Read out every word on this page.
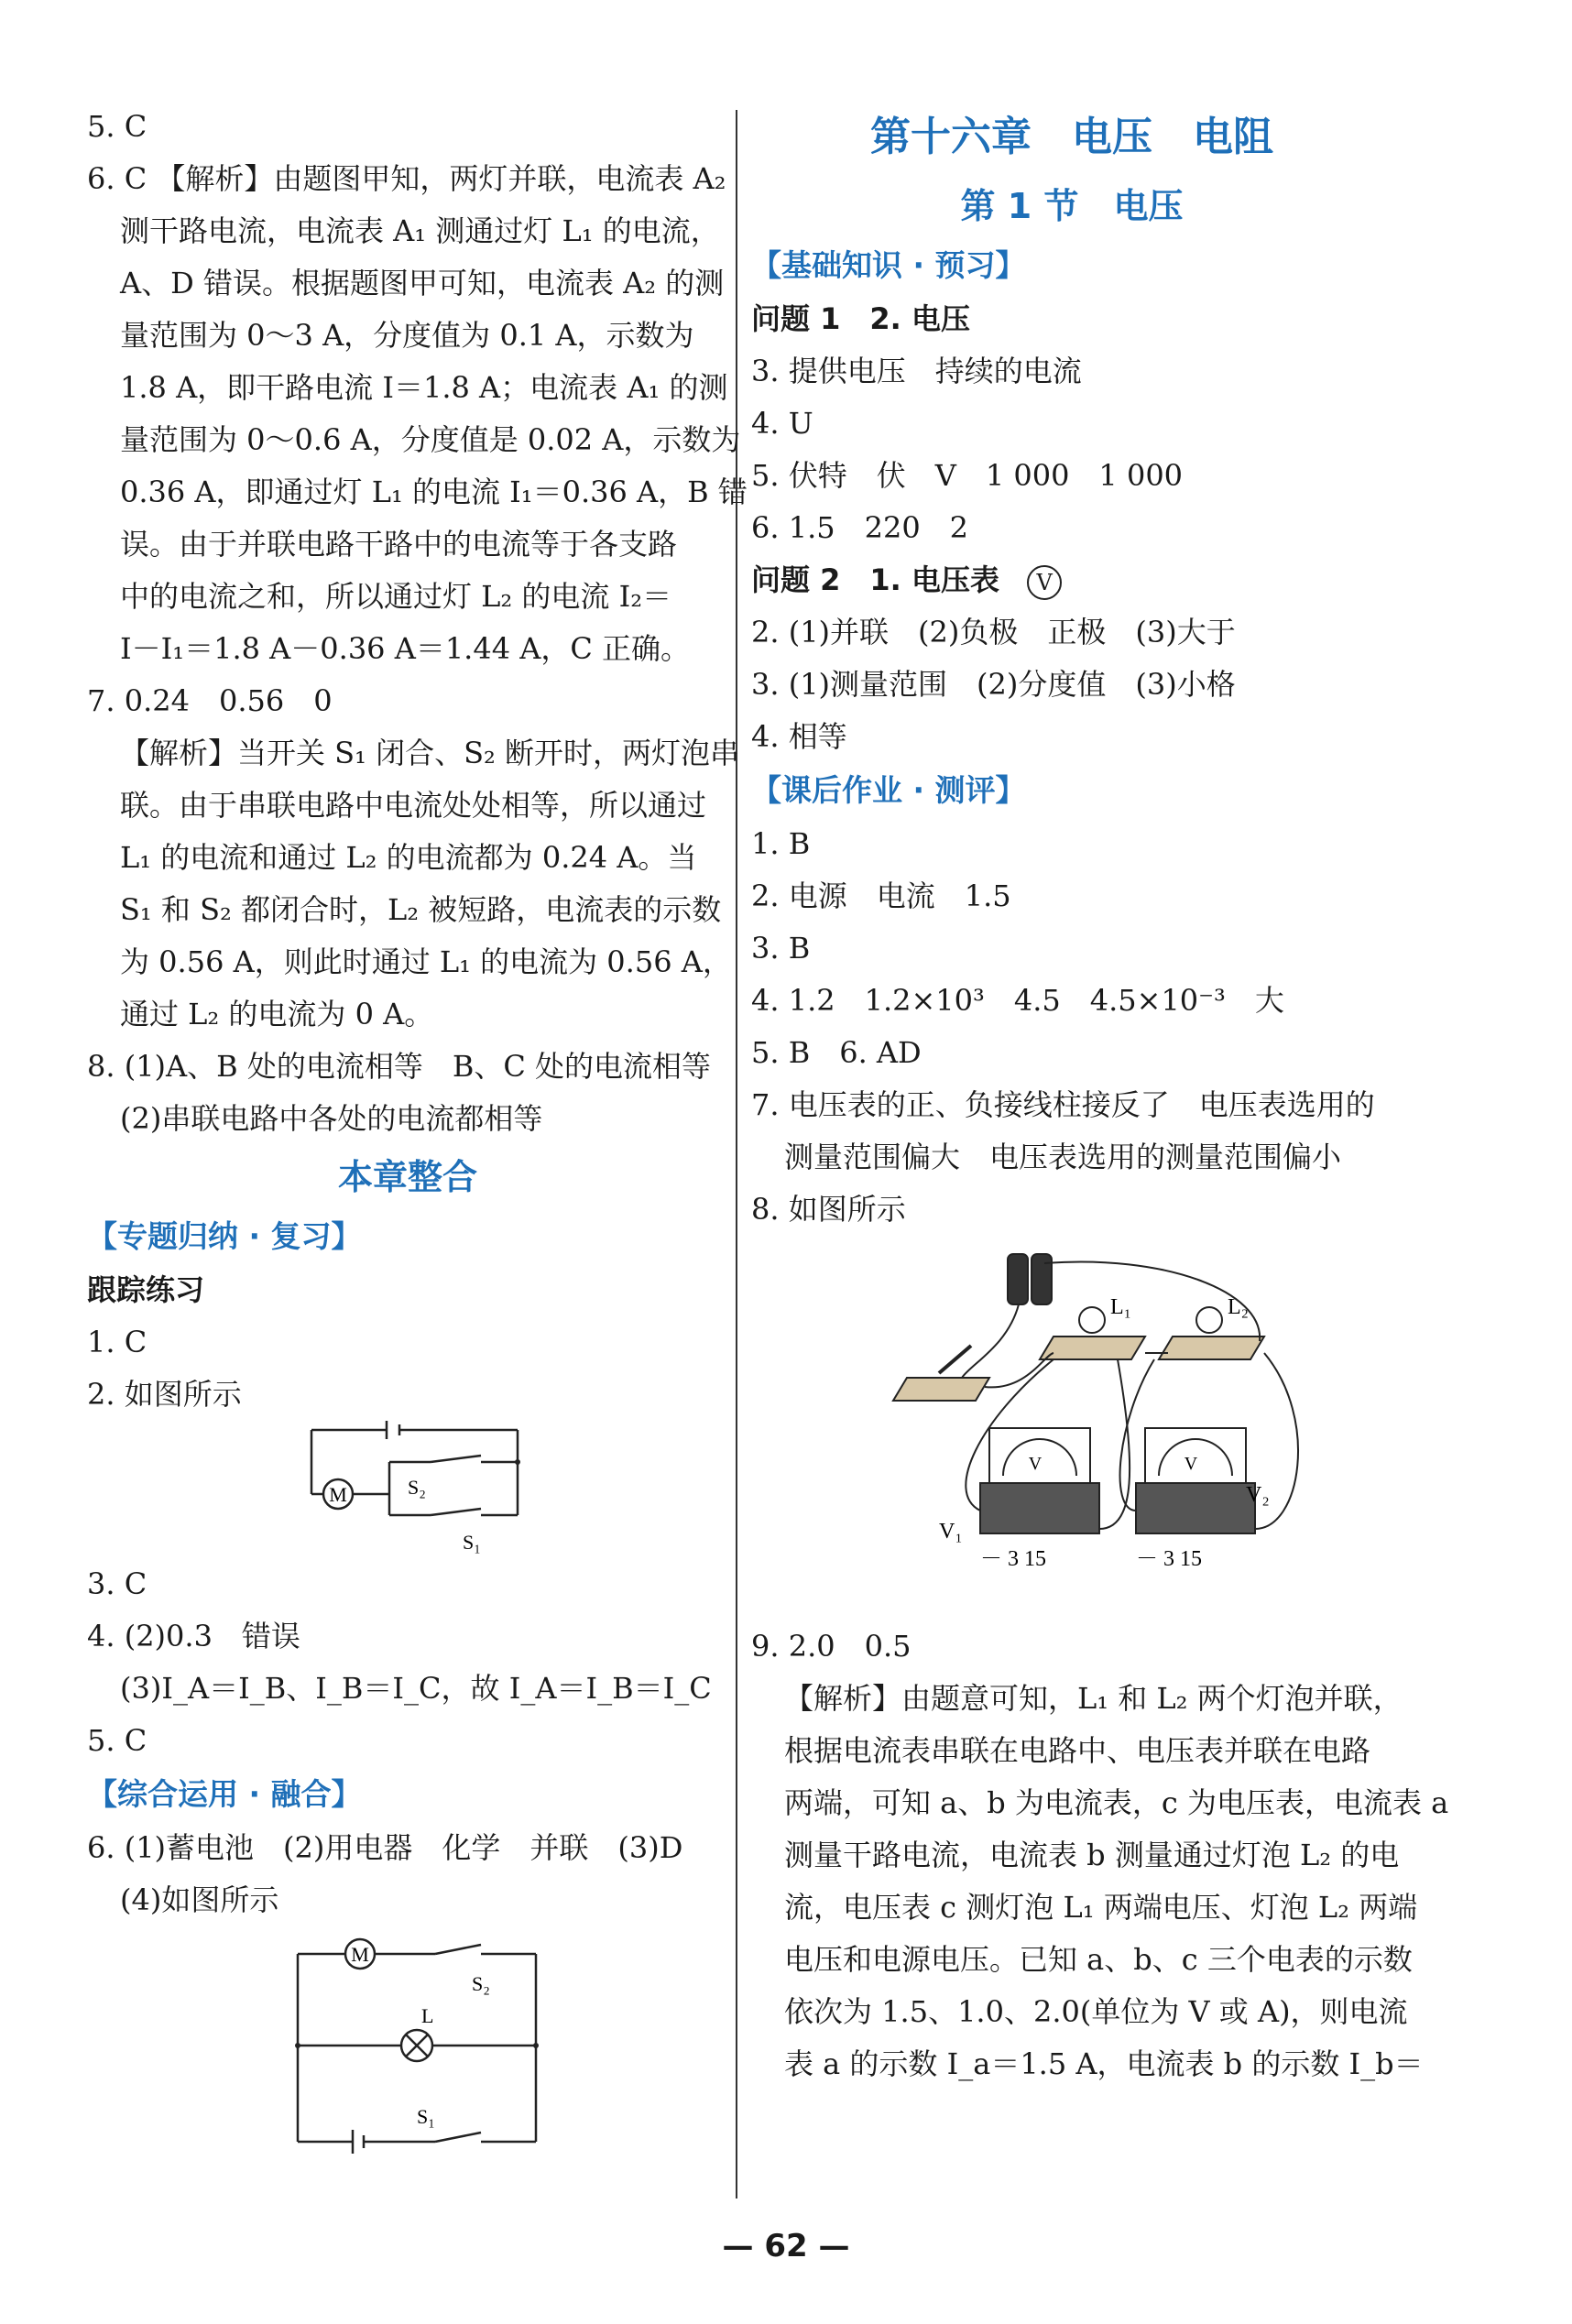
5. C
6. C 【解析】由题图甲知，两灯并联，电流表 A₂
测干路电流，电流表 A₁ 测通过灯 L₁ 的电流，
A、D 错误。根据题图甲可知，电流表 A₂ 的测
量范围为 0～3 A，分度值为 0.1 A，示数为
1.8 A，即干路电流 I＝1.8 A；电流表 A₁ 的测
量范围为 0～0.6 A，分度值是 0.02 A，示数为
0.36 A，即通过灯 L₁ 的电流 I₁＝0.36 A，B 错
误。由于并联电路干路中的电流等于各支路
中的电流之和，所以通过灯 L₂ 的电流 I₂＝
I－I₁＝1.8 A－0.36 A＝1.44 A，C 正确。
7. 0.24　0.56　0
【解析】当开关 S₁ 闭合、S₂ 断开时，两灯泡串
联。由于串联电路中电流处处相等，所以通过
L₁ 的电流和通过 L₂ 的电流都为 0.24 A。当
S₁ 和 S₂ 都闭合时，L₂ 被短路，电流表的示数
为 0.56 A，则此时通过 L₁ 的电流为 0.56 A，
通过 L₂ 的电流为 0 A。
8. (1)A、B 处的电流相等　B、C 处的电流相等
(2)串联电路中各处的电流都相等
本章整合
【专题归纳 · 复习】
跟踪练习
1. C
2. 如图所示
M	S₂
S₁
3. C
4. (2)0.3　错误
(3)I_A＝I_B、I_B＝I_C，故 I_A＝I_B＝I_C
5. C
【综合运用 · 融合】
6. (1)蓄电池　(2)用电器　化学　并联　(3)D
(4)如图所示
M
S₂
L
S₁
第十六章　电压　电阻
第 1 节　电压
【基础知识 · 预习】
问题 1　2. 电压
3. 提供电压　持续的电流
4. U
5. 伏特　伏　V　1 000　1 000
6. 1.5　220　2
问题 2　1. 电压表 V
2. (1)并联　(2)负极　正极　(3)大于
3. (1)测量范围　(2)分度值　(3)小格
4. 相等
【课后作业 · 测评】
1. B
2. 电源　电流　1.5
3. B
4. 1.2　1.2×10³　4.5　4.5×10⁻³　大
5. B　6. AD
7. 电压表的正、负接线柱接反了　电压表选用的
测量范围偏大　电压表选用的测量范围偏小
8. 如图所示
L₁	L₂
V	V
V₁
V₂
－ 3 15	－ 3 15
9. 2.0　0.5
【解析】由题意可知，L₁ 和 L₂ 两个灯泡并联，
根据电流表串联在电路中、电压表并联在电路
两端，可知 a、b 为电流表，c 为电压表，电流表 a
测量干路电流，电流表 b 测量通过灯泡 L₂ 的电
流，电压表 c 测灯泡 L₁ 两端电压、灯泡 L₂ 两端
电压和电源电压。已知 a、b、c 三个电表的示数
依次为 1.5、1.0、2.0(单位为 V 或 A)，则电流
表 a 的示数 I_a＝1.5 A，电流表 b 的示数 I_b＝
— 62 —
